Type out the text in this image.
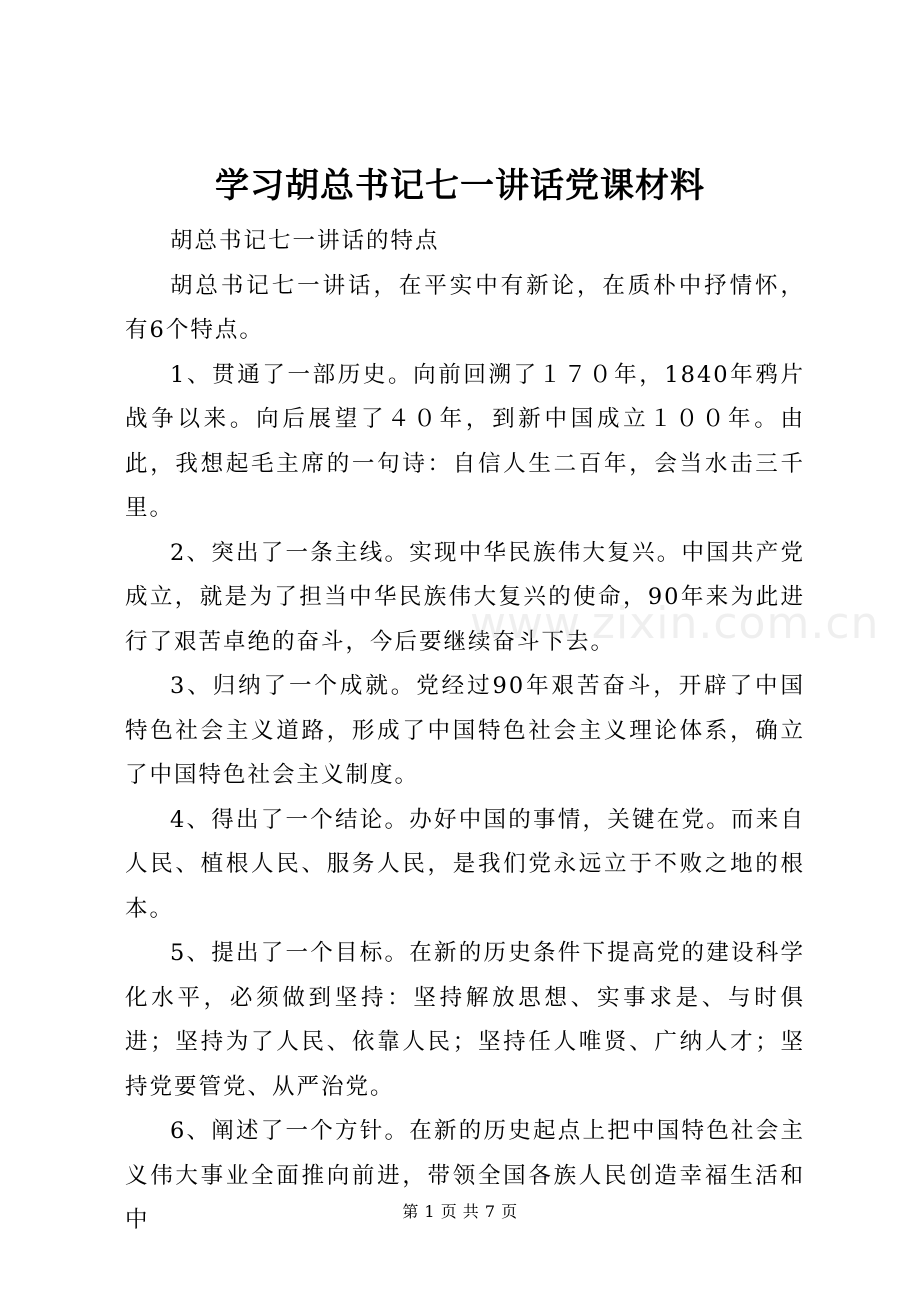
学习胡总书记七一讲话党课材料

胡总书记七一讲话的特点

胡总书记七一讲话，在平实中有新论，在质朴中抒情怀，有6个特点。

1、贯通了一部历史。向前回溯了１７０年，1840年鸦片战争以来。向后展望了４０年，到新中国成立１００年。由此，我想起毛主席的一句诗：自信人生二百年，会当水击三千里。

2、突出了一条主线。实现中华民族伟大复兴。中国共产党成立，就是为了担当中华民族伟大复兴的使命，90年来为此进行了艰苦卓绝的奋斗，今后要继续奋斗下去。

3、归纳了一个成就。党经过90年艰苦奋斗，开辟了中国特色社会主义道路，形成了中国特色社会主义理论体系，确立了中国特色社会主义制度。

4、得出了一个结论。办好中国的事情，关键在党。而来自人民、植根人民、服务人民，是我们党永远立于不败之地的根本。

5、提出了一个目标。在新的历史条件下提高党的建设科学化水平，必须做到坚持：坚持解放思想、实事求是、与时俱进；坚持为了人民、依靠人民；坚持任人唯贤、广纳人才；坚持党要管党、从严治党。

6、阐述了一个方针。在新的历史起点上把中国特色社会主义伟大事业全面推向前进，带领全国各族人民创造幸福生活和中

www.zixin.com.cn
第 1 页 共 7 页
